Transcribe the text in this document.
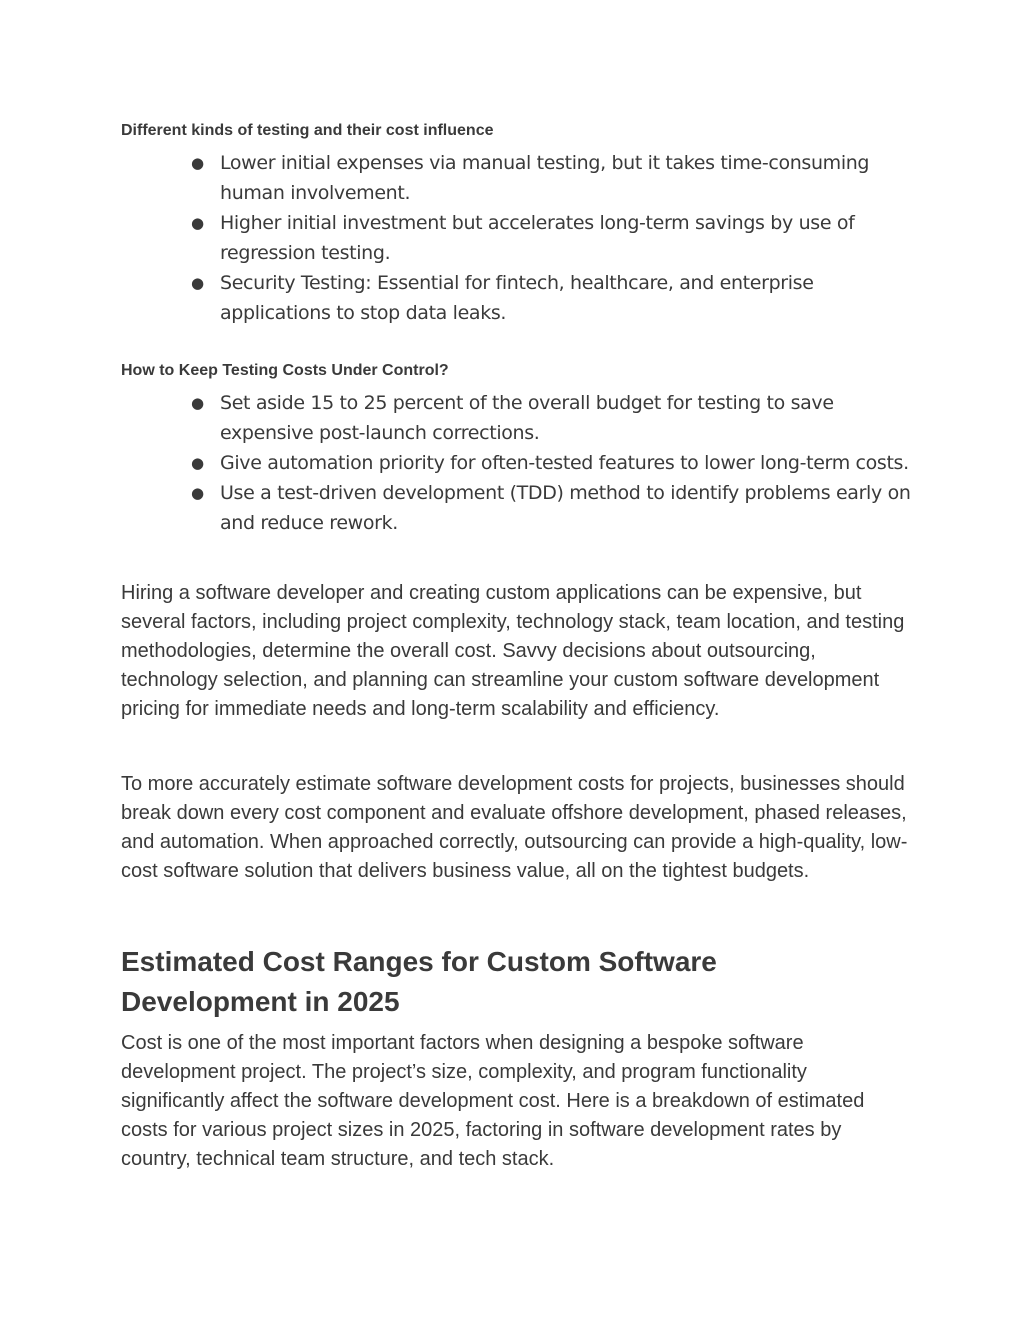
Different kinds of testing and their cost influence
● Lower initial expenses via manual testing, but it takes time-consuming human involvement.
● Higher initial investment but accelerates long-term savings by use of regression testing.
● Security Testing: Essential for fintech, healthcare, and enterprise applications to stop data leaks.
How to Keep Testing Costs Under Control?
● Set aside 15 to 25 percent of the overall budget for testing to save expensive post-launch corrections.
● Give automation priority for often-tested features to lower long-term costs.
● Use a test-driven development (TDD) method to identify problems early on and reduce rework.

Hiring a software developer and creating custom applications can be expensive, but several factors, including project complexity, technology stack, team location, and testing methodologies, determine the overall cost. Savvy decisions about outsourcing, technology selection, and planning can streamline your custom software development pricing for immediate needs and long-term scalability and efficiency.

To more accurately estimate software development costs for projects, businesses should break down every cost component and evaluate offshore development, phased releases, and automation. When approached correctly, outsourcing can provide a high-quality, low-cost software solution that delivers business value, all on the tightest budgets.

Estimated Cost Ranges for Custom Software Development in 2025

Cost is one of the most important factors when designing a bespoke software development project. The project’s size, complexity, and program functionality significantly affect the software development cost. Here is a breakdown of estimated costs for various project sizes in 2025, factoring in software development rates by country, technical team structure, and tech stack.
